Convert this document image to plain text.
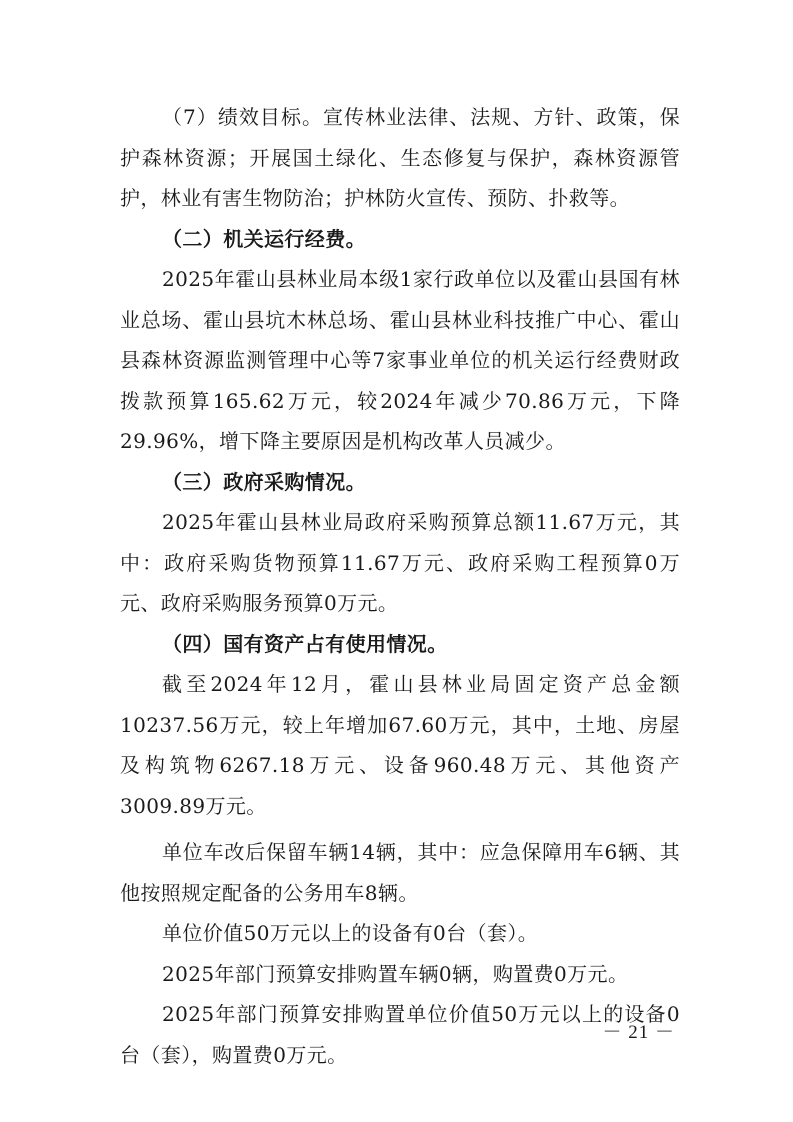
（7）绩效目标。宣传林业法律、法规、方针、政策，保护森林资源；开展国土绿化、生态修复与保护，森林资源管护，林业有害生物防治；护林防火宣传、预防、扑救等。

（二）机关运行经费。

2025年霍山县林业局本级1家行政单位以及霍山县国有林业总场、霍山县坑木林总场、霍山县林业科技推广中心、霍山县森林资源监测管理中心等7家事业单位的机关运行经费财政拨款预算165.62万元，较2024年减少70.86万元，下降29.96%，增下降主要原因是机构改革人员减少。

（三）政府采购情况。

2025年霍山县林业局政府采购预算总额11.67万元，其中：政府采购货物预算11.67万元、政府采购工程预算0万元、政府采购服务预算0万元。

（四）国有资产占有使用情况。

截至2024年12月，霍山县林业局固定资产总金额10237.56万元，较上年增加67.60万元，其中，土地、房屋及构筑物6267.18万元、设备960.48万元、其他资产3009.89万元。

单位车改后保留车辆14辆，其中：应急保障用车6辆、其他按照规定配备的公务用车8辆。

单位价值50万元以上的设备有0台（套）。

2025年部门预算安排购置车辆0辆，购置费0万元。

2025年部门预算安排购置单位价值50万元以上的设备0台（套），购置费0万元。

－ 21 －
